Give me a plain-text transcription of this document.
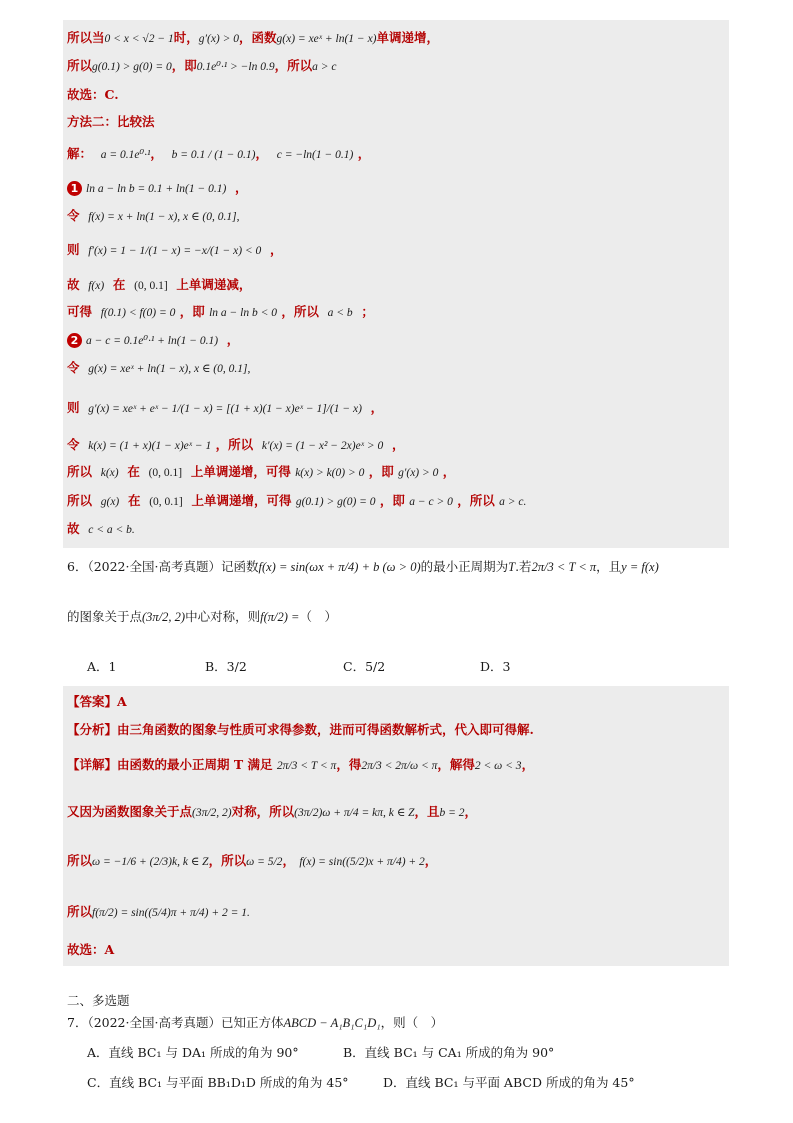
所以当0 < x < √2 − 1时，g′(x) > 0，函数g(x) = xeˣ + ln(1 − x)单调递增，
所以g(0.1) > g(0) = 0，即0.1e⁰·¹ > −ln 0.9，所以a > c
故选：C.
方法二：比较法
解： a = 0.1e⁰·¹，  b = 0.1 / (1 − 0.1)，  c = −ln(1 − 0.1) ，
1 ln a − ln b = 0.1 + ln(1 − 0.1) ，
令 f(x) = x + ln(1 − x), x ∈ (0, 0.1],
则 f′(x) = 1 − 1/(1 − x) = −x/(1 − x) < 0 ，
故 f(x) 在 (0, 0.1] 上单调递减，
可得 f(0.1) < f(0) = 0 ，即 ln a − ln b < 0 ，所以 a < b ；
2 a − c = 0.1e⁰·¹ + ln(1 − 0.1) ，
令 g(x) = xeˣ + ln(1 − x), x ∈ (0, 0.1],
则 g′(x) = xeˣ + eˣ − 1/(1 − x) = [(1 + x)(1 − x)eˣ − 1]/(1 − x) ，
令 k(x) = (1 + x)(1 − x)eˣ − 1 ，所以 k′(x) = (1 − x² − 2x)eˣ > 0 ，
所以 k(x) 在 (0, 0.1] 上单调递增，可得 k(x) > k(0) > 0 ，即 g′(x) > 0 ，
所以 g(x) 在 (0, 0.1] 上单调递增，可得 g(0.1) > g(0) = 0 ，即 a − c > 0 ，所以 a > c.
故 c < a < b.
6．（2022·全国·高考真题）记函数f(x) = sin(ωx + π/4) + b (ω > 0)的最小正周期为T.若2π/3 < T < π，且y = f(x)
的图象关于点(3π/2, 2)中心对称，则f(π/2) =（　）
A．1	B．3/2	C．5/2	D．3
【答案】A
【分析】由三角函数的图象与性质可求得参数，进而可得函数解析式，代入即可得解.
【详解】由函数的最小正周期 T 满足 2π/3 < T < π，得2π/3 < 2π/ω < π，解得2 < ω < 3，
又因为函数图象关于点(3π/2, 2)对称，所以(3π/2)ω + π/4 = kπ, k ∈ Z，且b = 2，
所以ω = −1/6 + (2/3)k, k ∈ Z，所以ω = 5/2， f(x) = sin((5/2)x + π/4) + 2，
所以f(π/2) = sin((5/4)π + π/4) + 2 = 1.
故选：A
二、多选题
7．（2022·全国·高考真题）已知正方体ABCD − A₁B₁C₁D₁，则（　）
A．直线 BC₁ 与 DA₁ 所成的角为 90°	B．直线 BC₁ 与 CA₁ 所成的角为 90°
C．直线 BC₁ 与平面 BB₁D₁D 所成的角为 45°	D．直线 BC₁ 与平面 ABCD 所成的角为 45°
